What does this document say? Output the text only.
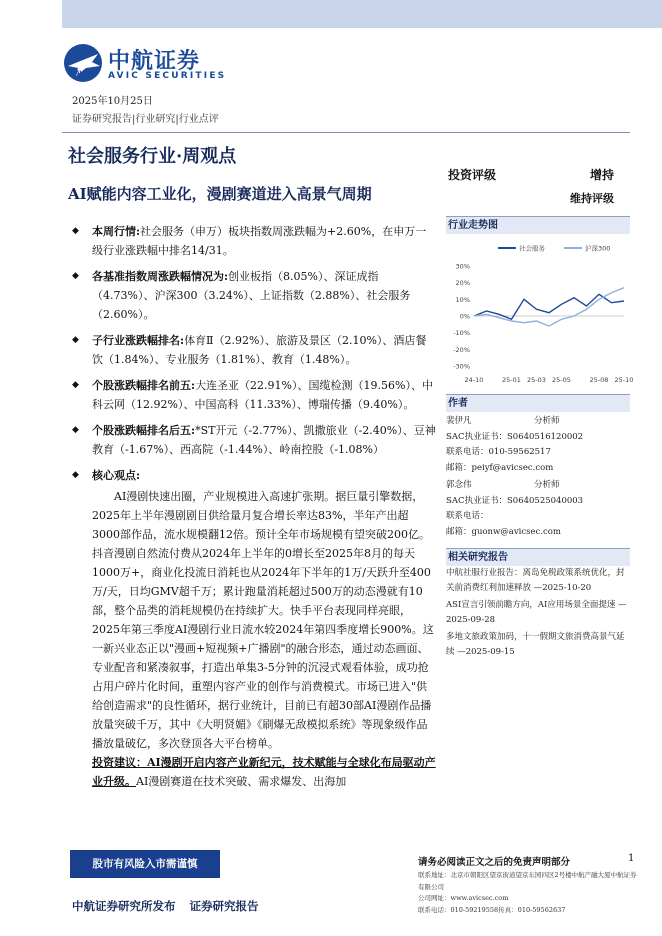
AVIC 中航证券
AVIC SECURITIES
2025年10月25日
证券研究报告|行业研究|行业点评
社会服务行业·周观点
AI赋能内容工业化，漫剧赛道进入高景气周期
投资评级	增持
维持评级
◆ 本周行情:社会服务（申万）板块指数周涨跌幅为+2.60%，在申万一级行业涨跌幅中排名14/31。
◆ 各基准指数周涨跌幅情况为:创业板指（8.05%）、深证成指（4.73%）、沪深300（3.24%）、上证指数（2.88%）、社会服务（2.60%）。
◆ 子行业涨跌幅排名:体育Ⅱ（2.92%）、旅游及景区（2.10%）、酒店餐饮（1.84%）、专业服务（1.81%）、教育（1.48%）。
◆ 个股涨跌幅排名前五:大连圣亚（22.91%）、国缆检测（19.56%）、中科云网（12.92%）、中国高科（11.33%）、博瑞传播（9.40%）。
◆ 个股涨跌幅排名后五:*ST开元（-2.77%）、凯撒旅业（-2.40%）、豆神教育（-1.67%）、西高院（-1.44%）、岭南控股（-1.08%）
◆ 核心观点:
AI漫剧快速出圈，产业规模进入高速扩张期。据巨量引擎数据，2025年上半年漫剧剧目供给量月复合增长率达83%，半年产出超3000部作品，流水规模翻12倍。预计全年市场规模有望突破200亿。抖音漫剧自然流付费从2024年上半年的0增长至2025年8月的每天1000万+，商业化投流日消耗也从2024年下半年的1万/天跃升至400万/天，日均GMV超千万；累计跑量消耗超过500万的动态漫就有10部，整个品类的消耗规模仍在持续扩大。快手平台表现同样亮眼，2025年第三季度AI漫剧行业日流水较2024年第四季度增长900%。这一新兴业态正以"漫画+短视频+广播剧"的融合形态，通过动态画面、专业配音和紧凑叙事，打造出单集3-5分钟的沉浸式观看体验，成功抢占用户碎片化时间，重塑内容产业的创作与消费模式。市场已进入"供给创造需求"的良性循环，据行业统计，目前已有超30部AI漫剧作品播放量突破千万，其中《大明贤媚》《刷爆无敌模拟系统》等现象级作品播放量破亿，多次登顶各大平台榜单。
投资建议：AI漫剧开启内容产业新纪元，技术赋能与全球化布局驱动产业升级。AI漫剧赛道在技术突破、需求爆发、出海加
行业走势图
社会服务	沪深300
30%
20%
10%
0%
-10%
-20%
-30%
24-10	25-01 25-03 25-05	25-08 25-10
作者
裴伊凡	分析师
SAC执业证书：S0640516120002
联系电话：010-59562517
邮箱：peiyf@avicsec.com
郭念伟	分析师
SAC执业证书：S0640525040003
联系电话：
邮箱：guonw@avicsec.com
相关研究报告
中航社服行业报告：离岛免税政策系统优化，封关前消费红利加速释放 —2025-10-20
ASI宣言引领前瞻方向，AI应用场景全面提速 —2025-09-28
多地文旅政策加码，十一假期文旅消费高景气延续 —2025-09-15
股市有风险入市需谨慎
中航证券研究所发布 证券研究报告
请务必阅读正文之后的免责声明部分	1
联系地址：北京市朝阳区望京街道望京东园四区2号楼中航产融大厦中航证券有限公司
公司网址：www.avicsec.com
联系电话：010-59219558传真：010-59562637
